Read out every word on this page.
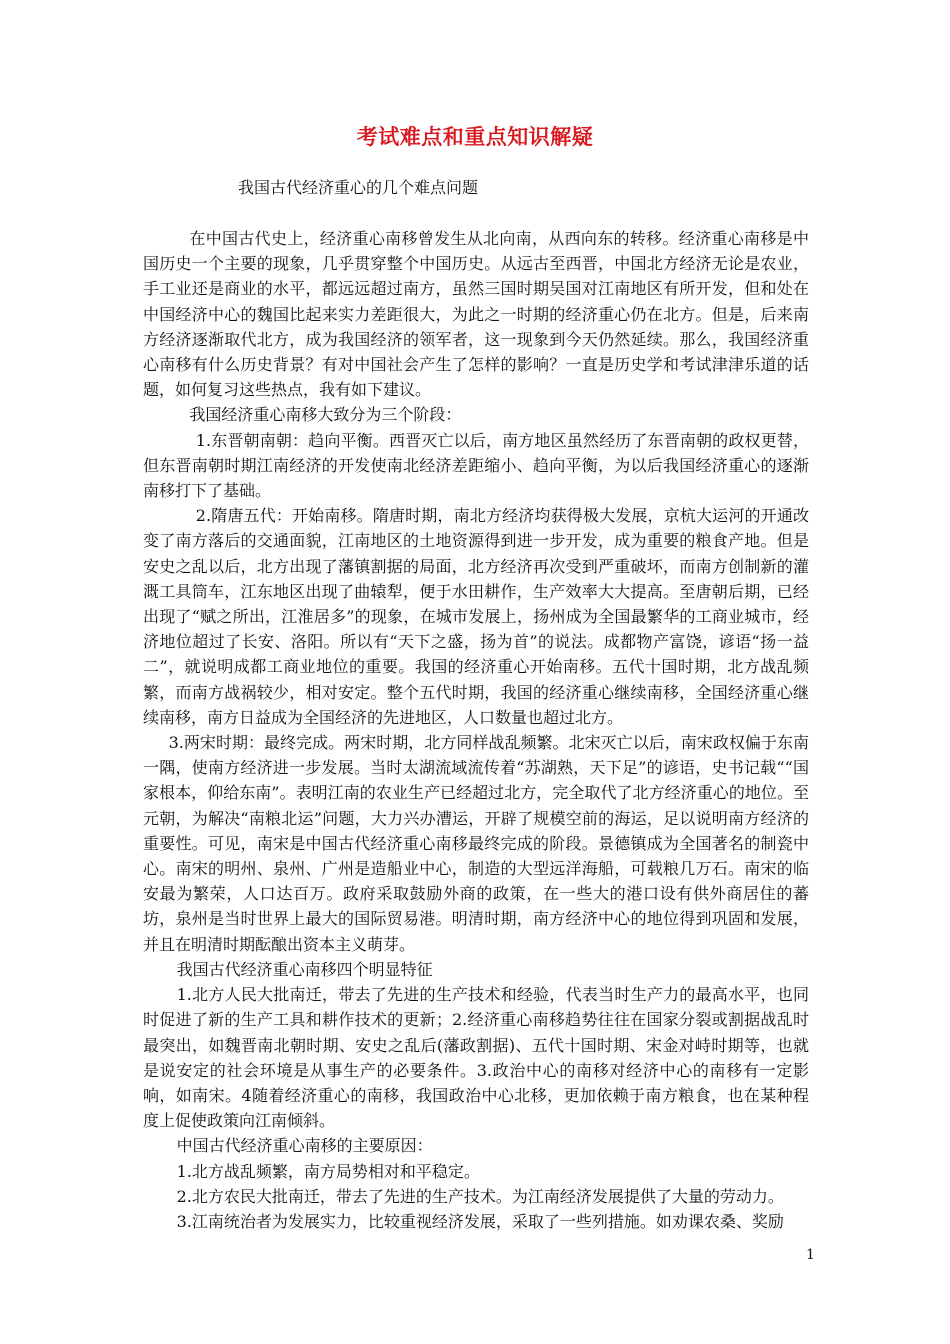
考试难点和重点知识解疑
我国古代经济重心的几个难点问题

在中国古代史上，经济重心南移曾发生从北向南，从西向东的转移。经济重心南移是中国历史一个主要的现象，几乎贯穿整个中国历史。从远古至西晋，中国北方经济无论是农业，手工业还是商业的水平，都远远超过南方，虽然三国时期吴国对江南地区有所开发，但和处在中国经济中心的魏国比起来实力差距很大，为此之一时期的经济重心仍在北方。但是，后来南方经济逐渐取代北方，成为我国经济的领军者，这一现象到今天仍然延续。那么，我国经济重心南移有什么历史背景？有对中国社会产生了怎样的影响？一直是历史学和考试津津乐道的话题，如何复习这些热点，我有如下建议。

我国经济重心南移大致分为三个阶段：

1.东晋朝南朝：趋向平衡。西晋灭亡以后，南方地区虽然经历了东晋南朝的政权更替，但东晋南朝时期江南经济的开发使南北经济差距缩小、趋向平衡，为以后我国经济重心的逐渐南移打下了基础。

2.隋唐五代：开始南移。隋唐时期，南北方经济均获得极大发展，京杭大运河的开通改变了南方落后的交通面貌，江南地区的土地资源得到进一步开发，成为重要的粮食产地。但是安史之乱以后，北方出现了藩镇割据的局面，北方经济再次受到严重破坏，而南方创制新的灌溉工具筒车，江东地区出现了曲辕犁，便于水田耕作，生产效率大大提高。至唐朝后期，已经出现了“赋之所出，江淮居多”的现象，在城市发展上，扬州成为全国最繁华的工商业城市，经济地位超过了长安、洛阳。所以有“天下之盛，扬为首”的说法。成都物产富饶，谚语“扬一益二”，就说明成都工商业地位的重要。我国的经济重心开始南移。五代十国时期，北方战乱频繁，而南方战祸较少，相对安定。整个五代时期，我国的经济重心继续南移，全国经济重心继续南移，南方日益成为全国经济的先进地区，人口数量也超过北方。

3.两宋时期：最终完成。两宋时期，北方同样战乱频繁。北宋灭亡以后，南宋政权偏于东南一隅，使南方经济进一步发展。当时太湖流域流传着“苏湖熟，天下足”的谚语，史书记载““国家根本，仰给东南”。表明江南的农业生产已经超过北方，完全取代了北方经济重心的地位。至元朝，为解决“南粮北运”问题，大力兴办漕运，开辟了规模空前的海运，足以说明南方经济的重要性。可见，南宋是中国古代经济重心南移最终完成的阶段。景德镇成为全国著名的制瓷中心。南宋的明州、泉州、广州是造船业中心，制造的大型远洋海船，可载粮几万石。南宋的临安最为繁荣，人口达百万。政府采取鼓励外商的政策，在一些大的港口设有供外商居住的蕃坊，泉州是当时世界上最大的国际贸易港。明清时期，南方经济中心的地位得到巩固和发展，并且在明清时期酝酿出资本主义萌芽。

我国古代经济重心南移四个明显特征

1.北方人民大批南迁，带去了先进的生产技术和经验，代表当时生产力的最高水平，也同时促进了新的生产工具和耕作技术的更新；2.经济重心南移趋势往往在国家分裂或割据战乱时最突出，如魏晋南北朝时期、安史之乱后(藩政割据)、五代十国时期、宋金对峙时期等，也就是说安定的社会环境是从事生产的必要条件。3.政治中心的南移对经济中心的南移有一定影响，如南宋。4随着经济重心的南移，我国政治中心北移，更加依赖于南方粮食，也在某种程度上促使政策向江南倾斜。

中国古代经济重心南移的主要原因：

1.北方战乱频繁，南方局势相对和平稳定。

2.北方农民大批南迁，带去了先进的生产技术。为江南经济发展提供了大量的劳动力。

3.江南统治者为发展实力，比较重视经济发展，采取了一些列措施。如劝课农桑、奖励

1
